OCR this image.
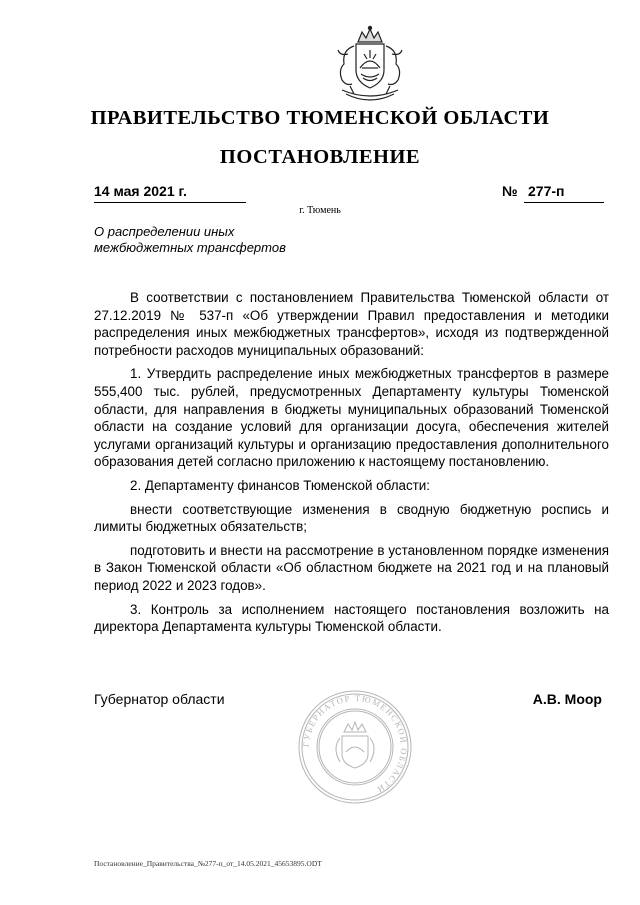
ПРАВИТЕЛЬСТВО ТЮМЕНСКОЙ ОБЛАСТИ
ПОСТАНОВЛЕНИЕ
14 мая 2021 г.	№ 277-п
г. Тюмень
О распределении иных
межбюджетных трансфертов

В соответствии с постановлением Правительства Тюменской области от 27.12.2019 № 537-п «Об утверждении Правил предоставления и методики распределения иных межбюджетных трансфертов», исходя из подтвержденной потребности расходов муниципальных образований:

1. Утвердить распределение иных межбюджетных трансфертов в размере 555,400 тыс. рублей, предусмотренных Департаменту культуры Тюменской области, для направления в бюджеты муниципальных образований Тюменской области на создание условий для организации досуга, обеспечения жителей услугами организаций культуры и организацию предоставления дополнительного образования детей согласно приложению к настоящему постановлению.

2. Департаменту финансов Тюменской области:

внести соответствующие изменения в сводную бюджетную роспись и лимиты бюджетных обязательств;

подготовить и внести на рассмотрение в установленном порядке изменения в Закон Тюменской области «Об областном бюджете на 2021 год и на плановый период 2022 и 2023 годов».

3. Контроль за исполнением настоящего постановления возложить на директора Департамента культуры Тюменской области.

Губернатор области
ГУБЕРНАТОР ТЮМЕНСКОЙ ОБЛАСТИ
А.В. Моор
Постановление_Правительства_№277-п_от_14.05.2021_45653895.ODT
